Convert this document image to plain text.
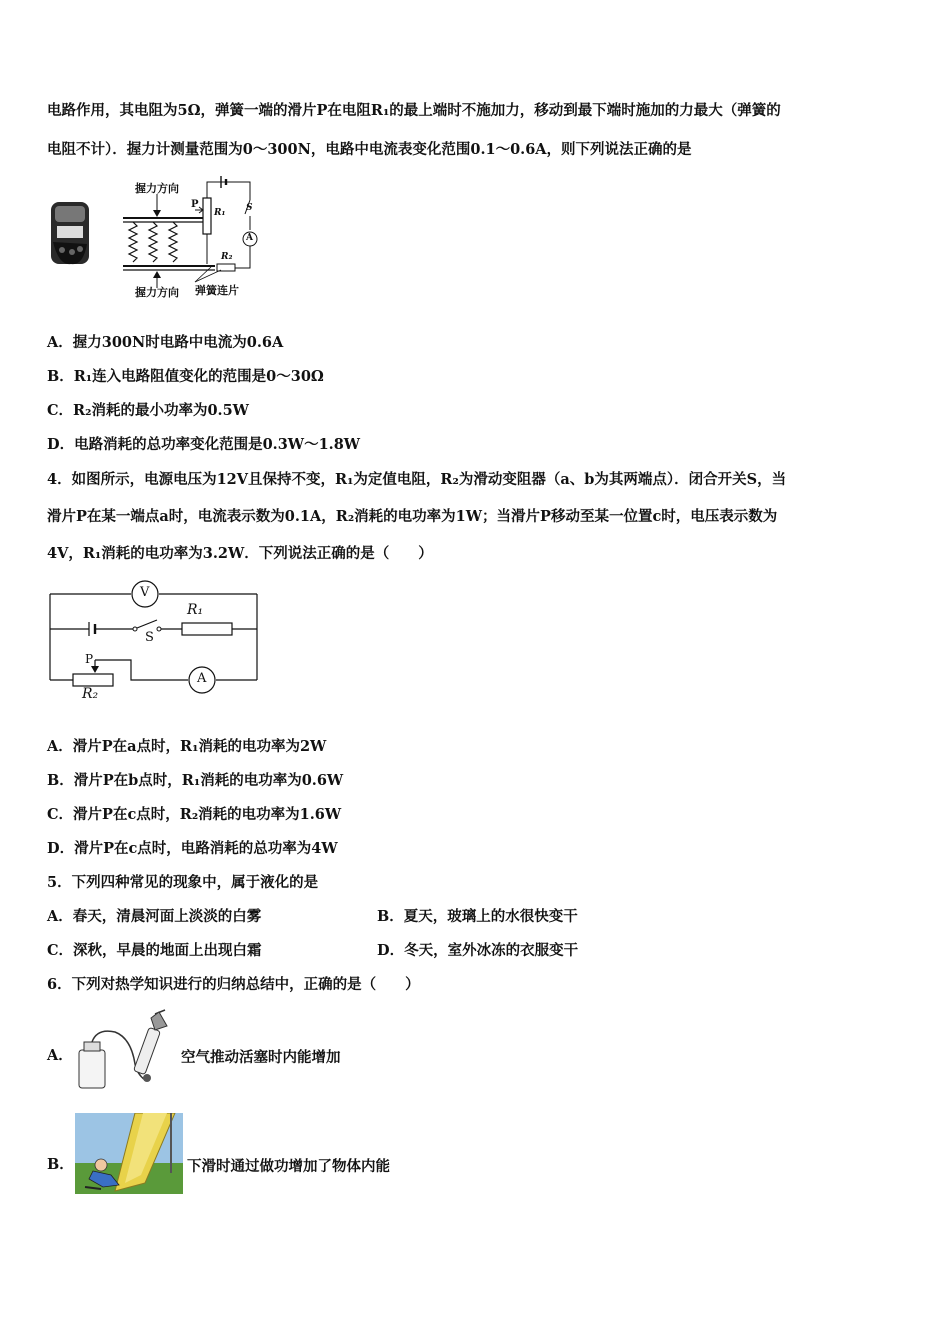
电路作用，其电阻为5Ω，弹簧一端的滑片P在电阻R₁的最上端时不施加力，移动到最下端时施加的力最大（弹簧的
电阻不计）．握力计测量范围为0～300N，电路中电流表变化范围0.1～0.6A，则下列说法正确的是
握力方向
握力方向 弹簧连片
P
R₁
R₂
S
A
A．握力300N时电路中电流为0.6A
B．R₁连入电路阻值变化的范围是0～30Ω
C．R₂消耗的最小功率为0.5W
D．电路消耗的总功率变化范围是0.3W～1.8W
4．如图所示，电源电压为12V且保持不变，R₁为定值电阻，R₂为滑动变阻器（a、b为其两端点）．闭合开关S，当
滑片P在某一端点a时，电流表示数为0.1A，R₂消耗的电功率为1W；当滑片P移动至某一位置c时，电压表示数为
4V，R₁消耗的电功率为3.2W．下列说法正确的是（　　）
V
A
R₁
R₂
S
P
A．滑片P在a点时，R₁消耗的电功率为2W
B．滑片P在b点时，R₁消耗的电功率为0.6W
C．滑片P在c点时，R₂消耗的电功率为1.6W
D．滑片P在c点时，电路消耗的总功率为4W
5．下列四种常见的现象中，属于液化的是
A．春天，清晨河面上淡淡的白雾	B．夏天，玻璃上的水很快变干
C．深秋，早晨的地面上出现白霜	D．冬天，室外冰冻的衣服变干
6．下列对热学知识进行的归纳总结中，正确的是（　　）
A．	空气推动活塞时内能增加
B．	下滑时通过做功增加了物体内能
